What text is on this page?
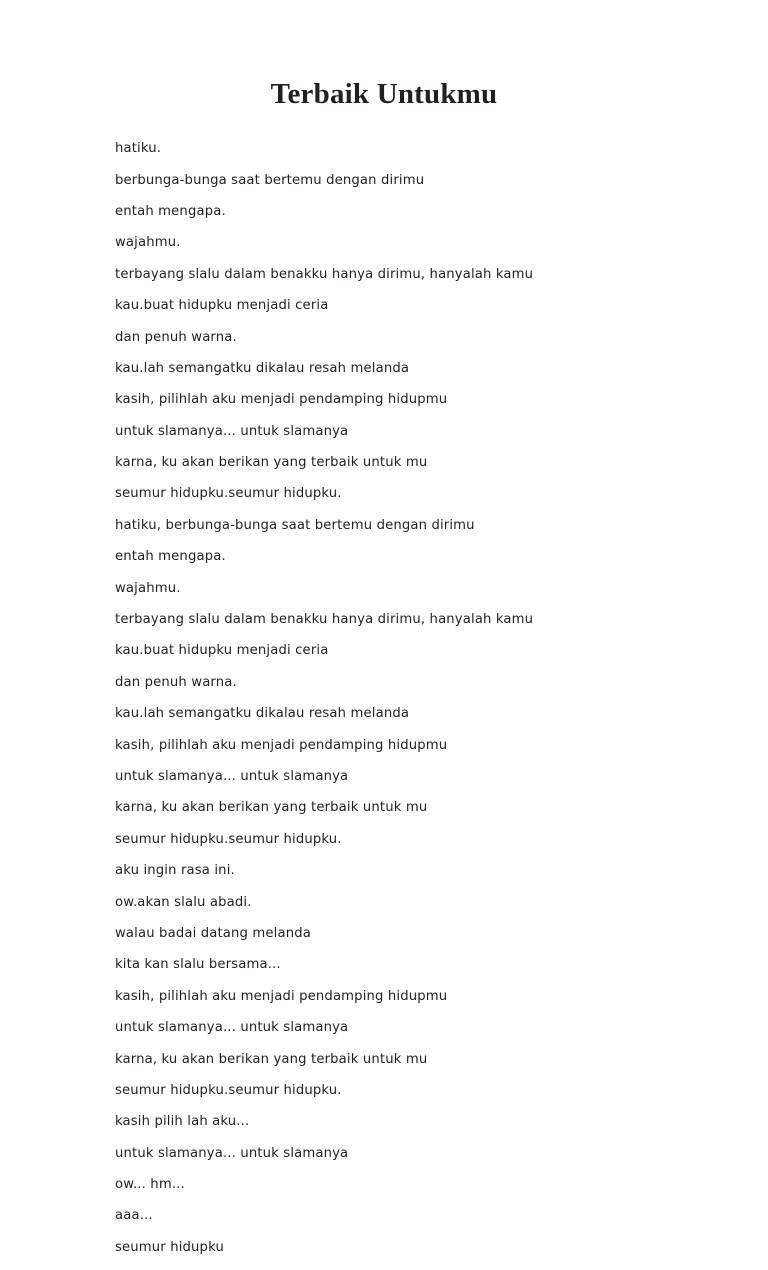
Terbaik Untukmu

hatiku.

berbunga-bunga saat bertemu dengan dirimu

entah mengapa.

wajahmu.

terbayang slalu dalam benakku hanya dirimu, hanyalah kamu

kau.buat hidupku menjadi ceria

dan penuh warna.

kau.lah semangatku dikalau resah melanda

kasih, pilihlah aku menjadi pendamping hidupmu

untuk slamanya... untuk slamanya

karna, ku akan berikan yang terbaik untuk mu

seumur hidupku.seumur hidupku.

hatiku, berbunga-bunga saat bertemu dengan dirimu

entah mengapa.

wajahmu.

terbayang slalu dalam benakku hanya dirimu, hanyalah kamu

kau.buat hidupku menjadi ceria

dan penuh warna.

kau.lah semangatku dikalau resah melanda

kasih, pilihlah aku menjadi pendamping hidupmu

untuk slamanya... untuk slamanya

karna, ku akan berikan yang terbaik untuk mu

seumur hidupku.seumur hidupku.

aku ingin rasa ini.

ow.akan slalu abadi.

walau badai datang melanda

kita kan slalu bersama...

kasih, pilihlah aku menjadi pendamping hidupmu

untuk slamanya... untuk slamanya

karna, ku akan berikan yang terbaik untuk mu

seumur hidupku.seumur hidupku.

kasih pilih lah aku...

untuk slamanya... untuk slamanya

ow... hm...

aaa...

seumur hidupku
